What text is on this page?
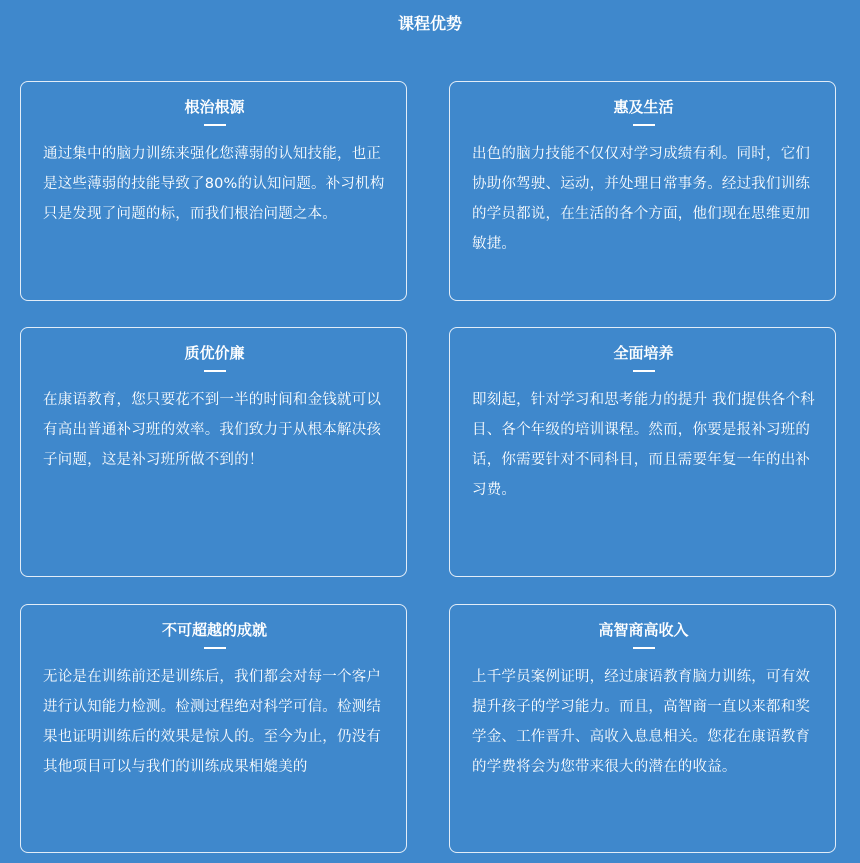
课程优势
根治根源

通过集中的脑力训练来强化您薄弱的认知技能，也正是这些薄弱的技能导致了80%的认知问题。补习机构只是发现了问题的标，而我们根治问题之本。

惠及生活

出色的脑力技能不仅仅对学习成绩有利。同时，它们协助你驾驶、运动，并处理日常事务。经过我们训练的学员都说，在生活的各个方面，他们现在思维更加敏捷。

质优价廉

在康语教育，您只要花不到一半的时间和金钱就可以有高出普通补习班的效率。我们致力于从根本解决孩子问题，这是补习班所做不到的！

全面培养

即刻起，针对学习和思考能力的提升 我们提供各个科目、各个年级的培训课程。然而，你要是报补习班的话，你需要针对不同科目，而且需要年复一年的出补习费。

不可超越的成就

无论是在训练前还是训练后，我们都会对每一个客户进行认知能力检测。检测过程绝对科学可信。检测结果也证明训练后的效果是惊人的。至今为止，仍没有其他项目可以与我们的训练成果相媲美的

高智商高收入

上千学员案例证明，经过康语教育脑力训练，可有效提升孩子的学习能力。而且，高智商一直以来都和奖学金、工作晋升、高收入息息相关。您花在康语教育的学费将会为您带来很大的潜在的收益。
